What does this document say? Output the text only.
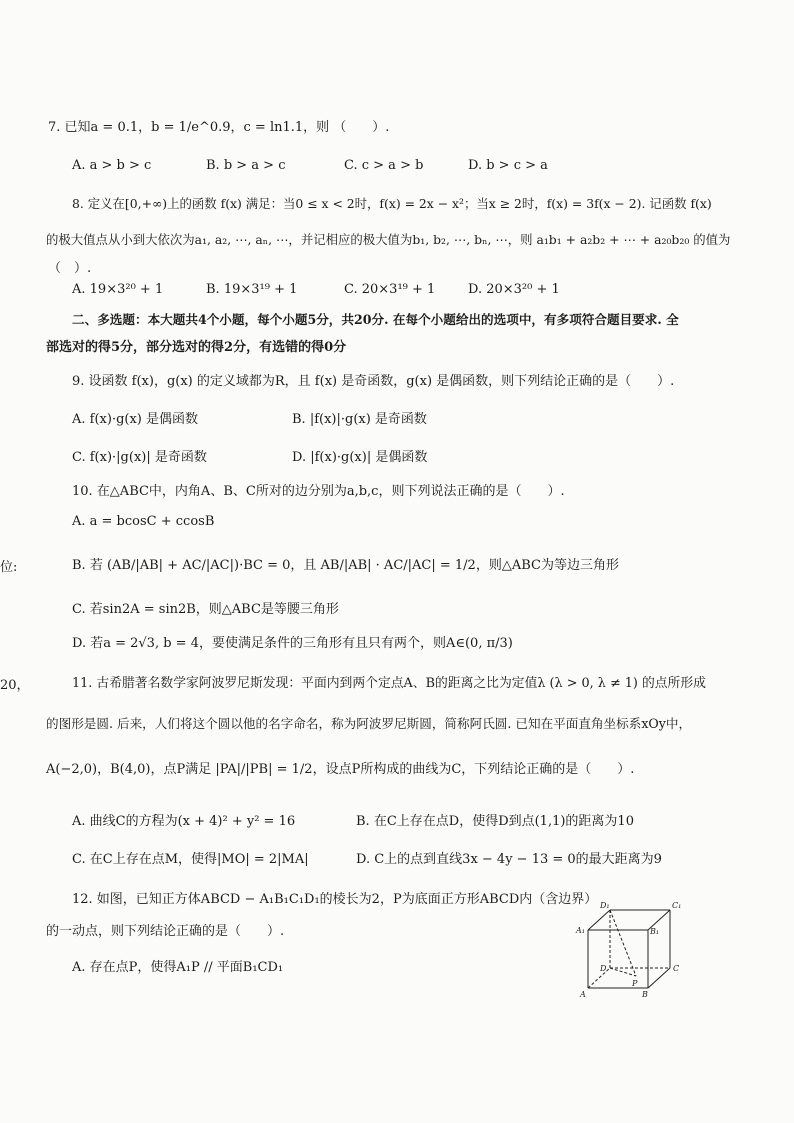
位:
20，
7. 已知a = 0.1，b = 1/e^0.9，c = ln1.1，则 （　　）.
A. a > b > c	B. b > a > c	C. c > a > b	D. b > c > a
8. 定义在[0,+∞)上的函数 f(x) 满足：当0 ≤ x < 2时，f(x) = 2x − x²；当x ≥ 2时，f(x) = 3f(x − 2). 记函数 f(x)
的极大值点从小到大依次为a₁, a₂, ⋯, aₙ, ⋯，并记相应的极大值为b₁, b₂, ⋯, bₙ, ⋯，则 a₁b₁ + a₂b₂ + ⋯ + a₂₀b₂₀ 的值为
（　）.
A. 19×3²⁰ + 1	B. 19×3¹⁹ + 1	C. 20×3¹⁹ + 1	D. 20×3²⁰ + 1
二、多选题：本大题共4个小题，每个小题5分，共20分. 在每个小题给出的选项中，有多项符合题目要求. 全
部选对的得5分，部分选对的得2分，有选错的得0分
9. 设函数 f(x)，g(x) 的定义域都为R，且 f(x) 是奇函数，g(x) 是偶函数，则下列结论正确的是（　　）.
A. f(x)·g(x) 是偶函数	B. |f(x)|·g(x) 是奇函数
C. f(x)·|g(x)| 是奇函数	D. |f(x)·g(x)| 是偶函数
10. 在△ABC中，内角A、B、C所对的边分别为a,b,c，则下列说法正确的是（　　）.
A. a = bcosC + ccosB
B. 若 (AB/|AB| + AC/|AC|)·BC = 0，且 AB/|AB| · AC/|AC| = 1/2，则△ABC为等边三角形
C. 若sin2A = sin2B，则△ABC是等腰三角形
D. 若a = 2√3, b = 4，要使满足条件的三角形有且只有两个，则A∈(0, π/3)
11. 古希腊著名数学家阿波罗尼斯发现：平面内到两个定点A、B的距离之比为定值λ (λ > 0, λ ≠ 1) 的点所形成
的图形是圆. 后来，人们将这个圆以他的名字命名，称为阿波罗尼斯圆，简称阿氏圆. 已知在平面直角坐标系xOy中，
A(−2,0)，B(4,0)，点P满足 |PA|/|PB| = 1/2，设点P所构成的曲线为C，下列结论正确的是（　　）.
A. 曲线C的方程为(x + 4)² + y² = 16	B. 在C上存在点D，使得D到点(1,1)的距离为10
C. 在C上存在点M，使得|MO| = 2|MA|	D. C上的点到直线3x − 4y − 13 = 0的最大距离为9
12. 如图，已知正方体ABCD − A₁B₁C₁D₁的棱长为2，P为底面正方形ABCD内（含边界）
的一动点，则下列结论正确的是（　　）.
A. 存在点P，使得A₁P // 平面B₁CD₁
D₁	C₁
A₁	B₁
D	C
A	B
P
